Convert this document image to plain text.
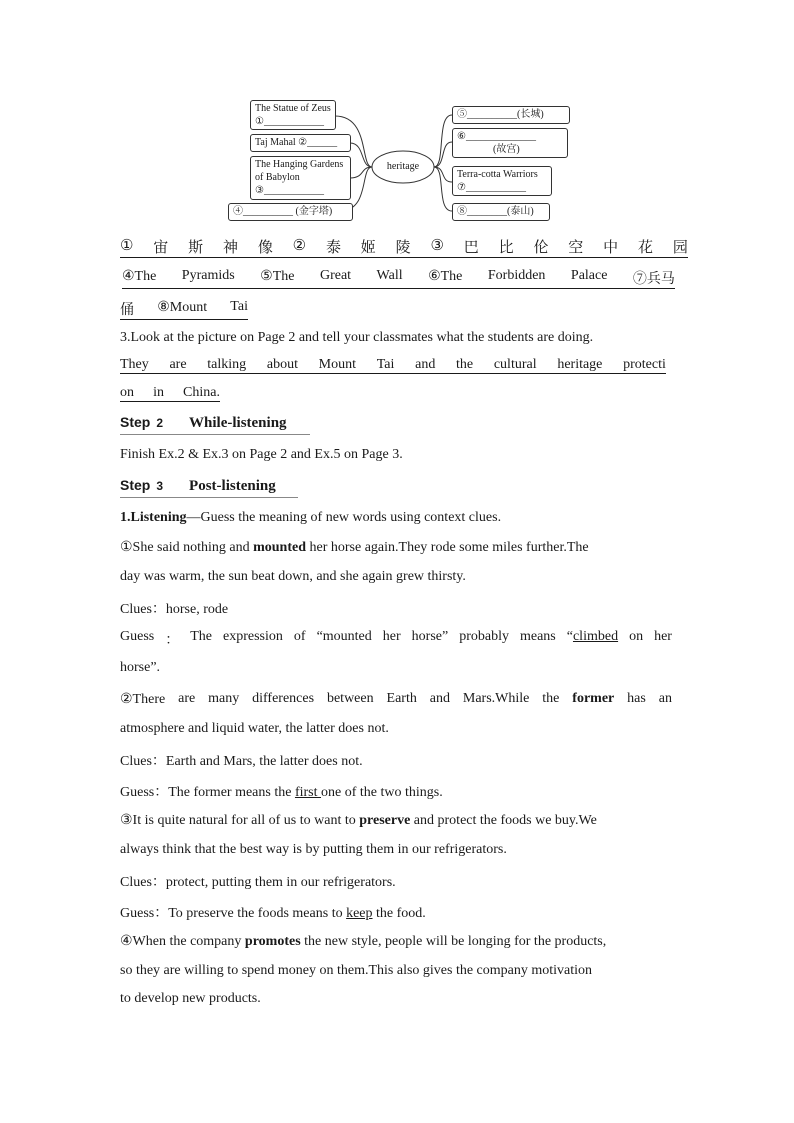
heritage
The Statue of Zeus
①____________
Taj Mahal ②______
The Hanging Gardens
of Babylon
③____________
④__________ (金字塔)
⑤__________(长城)
⑥______________
(故宫)
Terra-cotta Warriors
⑦____________
⑧________(泰山)
① 宙 斯 神 像 ② 泰 姬 陵 ③ 巴 比 伦 空 中 花 园
④The Pyramids ⑤The Great Wall ⑥The Forbidden Palace ⑦兵马
俑 ⑧Mount Tai
3.Look at the picture on Page 2 and tell your classmates what the students are doing.
They are talking about Mount Tai and the cultural heritage protecti
on in China.
Step 2 While-listening
Finish Ex.2 & Ex.3 on Page 2 and Ex.5 on Page 3.
Step 3 Post-listening
1.Listening—Guess the meaning of new words using context clues.
①She said nothing and mounted her horse again.They rode some miles further.The
day was warm, the sun beat down, and she again grew thirsty.
Clues：horse, rode
Guess ： The expression of “mounted her horse” probably means “ climbed on her
horse”.
②There are many differences between Earth and Mars.While the former has an
atmosphere and liquid water, the latter does not.
Clues：Earth and Mars, the latter does not.
Guess：The former means the first one of the two things.
③It is quite natural for all of us to want to preserve and protect the foods we buy.We
always think that the best way is by putting them in our refrigerators.
Clues：protect, putting them in our refrigerators.
Guess：To preserve the foods means to keep the food.
④When the company promotes the new style, people will be longing for the products,
so they are willing to spend money on them.This also gives the company motivation
to develop new products.
